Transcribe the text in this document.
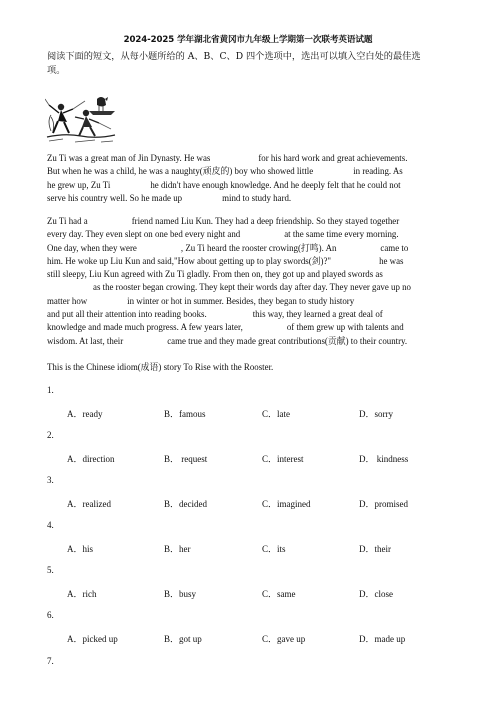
2024-2025 学年湖北省黄冈市九年级上学期第一次联考英语试题
阅读下面的短文，从每小题所给的 A、B、C、D 四个选项中，选出可以填入空白处的最佳选
项。
Zu Ti was a great man of Jin Dynasty. He was	for his hard work and great achievements.
But when he was a child, he was a naughty(顽皮的) boy who showed little	in reading. As
he grew up, Zu Ti	he didn't have enough knowledge. And he deeply felt that he could not
serve his country well. So he made up	mind to study hard.
Zu Ti had a	friend named Liu Kun. They had a deep friendship. So they stayed together
every day. They even slept on one bed every night and	at the same time every morning.
One day, when they were	, Zu Ti heard the rooster crowing(打鸣). An	came to
him. He woke up Liu Kun and said,"How about getting up to play swords(剑)?"	he was
still sleepy, Liu Kun agreed with Zu Ti gladly. From then on, they got up and played swords as
as the rooster began crowing. They kept their words day after day. They never gave up no
matter how	in winter or hot in summer. Besides, they began to study history
and put all their attention into reading books.	this way, they learned a great deal of
knowledge and made much progress. A few years later,	of them grew up with talents and
wisdom. At last, their	came true and they made great contributions(贡献) to their country.
This is the Chinese idiom(成语) story To Rise with the Rooster.
1.
A．ready	B．famous	C．late	D．sorry
2.
A．direction	B． request	C．interest	D． kindness
3.
A．realized	B．decided	C．imagined	D．promised
4.
A．his	B．her	C．its	D．their
5.
A．rich	B．busy	C．same	D．close
6.
A．picked up	B．got up	C．gave up	D．made up
7.
